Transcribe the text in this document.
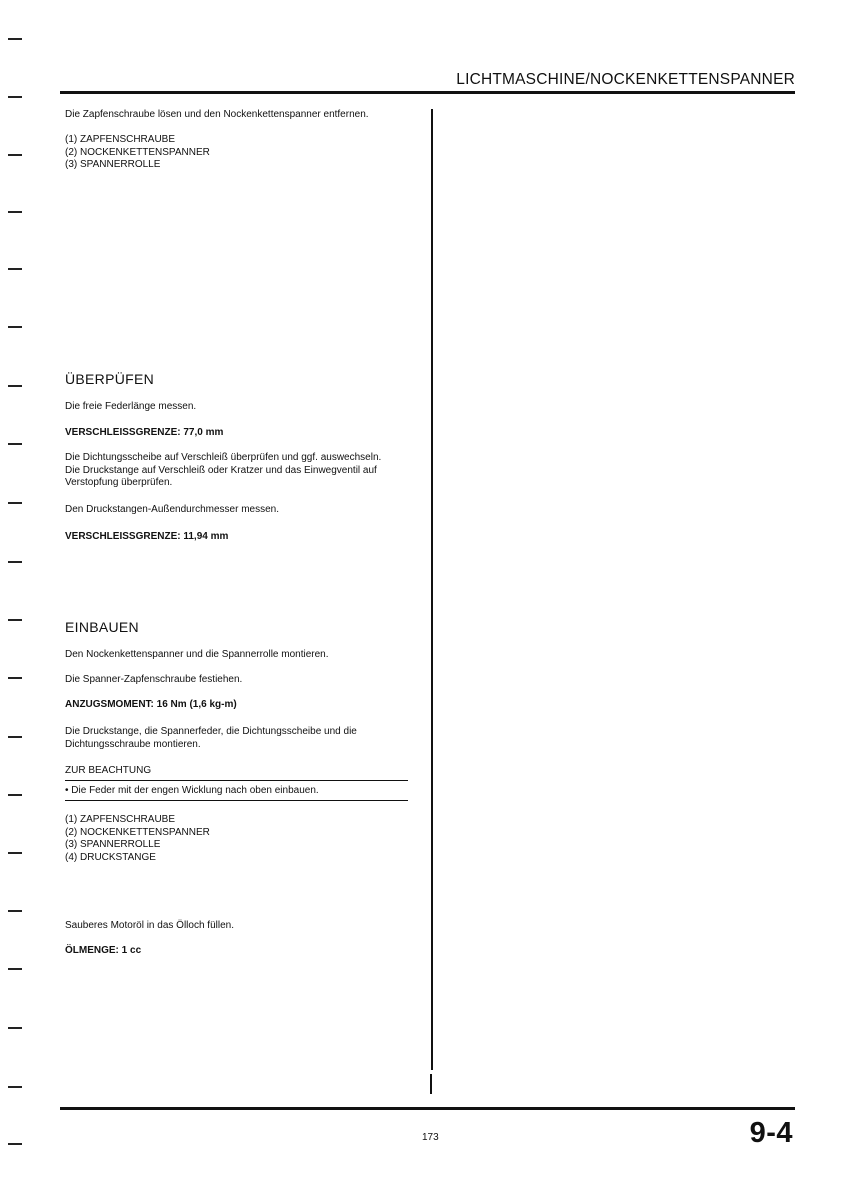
LICHTMASCHINE/NOCKENKETTENSPANNER
Die Zapfenschraube lösen und den Nockenkettenspanner entfernen.
(1) ZAPFENSCHRAUBE
(2) NOCKENKETTENSPANNER
(3) SPANNERROLLE
ÜBERPÜFEN
Die freie Federlänge messen.
VERSCHLEISSGRENZE: 77,0 mm
Die Dichtungsscheibe auf Verschleiß überprüfen und ggf. auswechseln.
Die Druckstange auf Verschleiß oder Kratzer und das Einwegventil auf
Verstopfung überprüfen.
Den Druckstangen-Außendurchmesser messen.
VERSCHLEISSGRENZE: 11,94 mm
EINBAUEN
Den Nockenkettenspanner und die Spannerrolle montieren.
Die Spanner-Zapfenschraube festiehen.
ANZUGSMOMENT: 16 Nm (1,6 kg-m)
Die Druckstange, die Spannerfeder, die Dichtungsscheibe und die
Dichtungsschraube montieren.
ZUR BEACHTUNG
• Die Feder mit der engen Wicklung nach oben einbauen.
(1) ZAPFENSCHRAUBE
(2) NOCKENKETTENSPANNER
(3) SPANNERROLLE
(4) DRUCKSTANGE
Sauberes Motoröl in das Ölloch füllen.
ÖLMENGE: 1 cc
173	9-4
